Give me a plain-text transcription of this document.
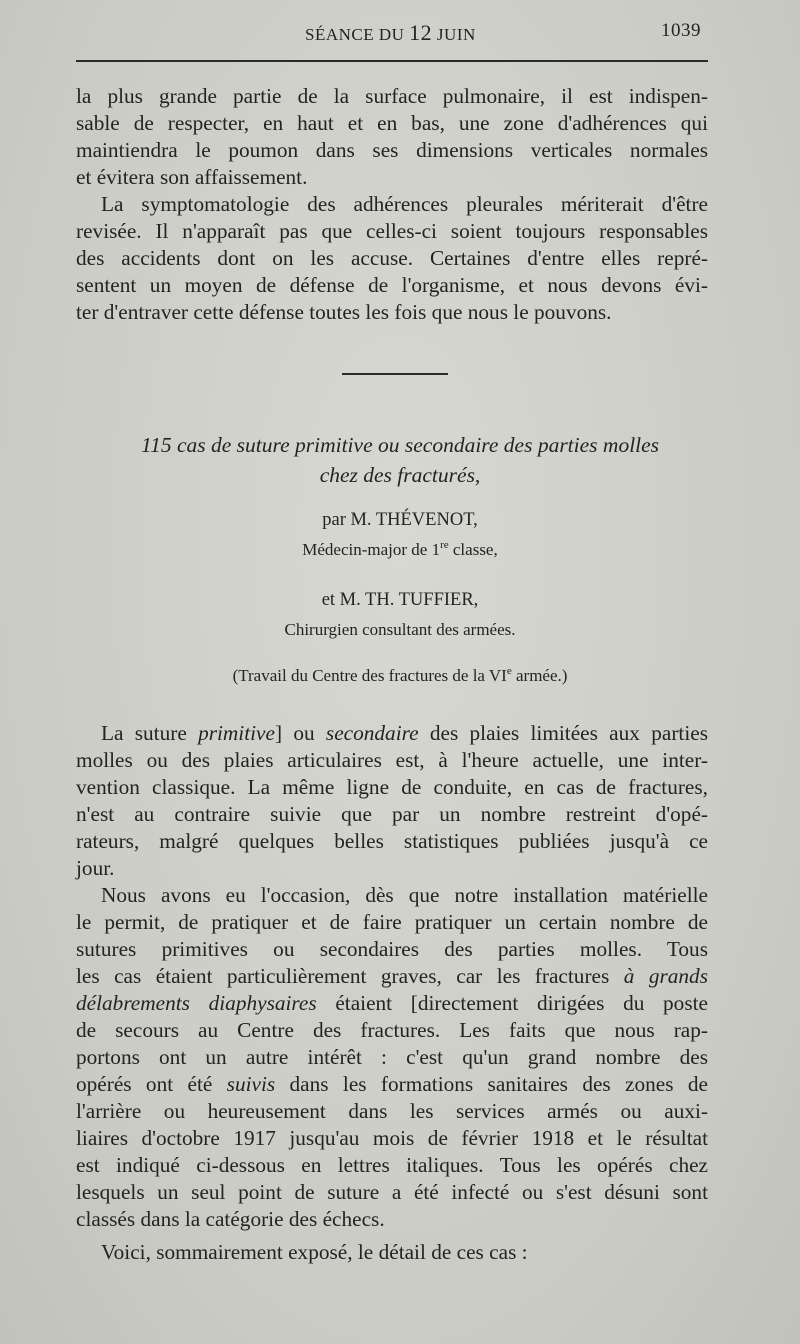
SÉANCE DU 12 JUIN	1039
la plus grande partie de la surface pulmonaire, il est indispen-
sable de respecter, en haut et en bas, une zone d'adhérences qui
maintiendra le poumon dans ses dimensions verticales normales
et évitera son affaissement.
La symptomatologie des adhérences pleurales mériterait d'être
revisée. Il n'apparaît pas que celles-ci soient toujours responsables
des accidents dont on les accuse. Certaines d'entre elles repré-
sentent un moyen de défense de l'organisme, et nous devons évi-
ter d'entraver cette défense toutes les fois que nous le pouvons.
115 cas de suture primitive ou secondaire des parties molles
chez des fracturés,
par M. THÉVENOT,
Médecin-major de 1re classe,
et M. TH. TUFFIER,
Chirurgien consultant des armées.
(Travail du Centre des fractures de la VIe armée.)
La suture primitive] ou secondaire des plaies limitées aux parties
molles ou des plaies articulaires est, à l'heure actuelle, une inter-
vention classique. La même ligne de conduite, en cas de fractures,
n'est au contraire suivie que par un nombre restreint d'opé-
rateurs, malgré quelques belles statistiques publiées jusqu'à ce
jour.
Nous avons eu l'occasion, dès que notre installation matérielle
le permit, de pratiquer et de faire pratiquer un certain nombre de
sutures primitives ou secondaires des parties molles. Tous
les cas étaient particulièrement graves, car les fractures à grands
délabrements diaphysaires étaient [directement dirigées du poste
de secours au Centre des fractures. Les faits que nous rap-
portons ont un autre intérêt : c'est qu'un grand nombre des
opérés ont été suivis dans les formations sanitaires des zones de
l'arrière ou heureusement dans les services armés ou auxi-
liaires d'octobre 1917 jusqu'au mois de février 1918 et le résultat
est indiqué ci-dessous en lettres italiques. Tous les opérés chez
lesquels un seul point de suture a été infecté ou s'est désuni sont
classés dans la catégorie des échecs.
Voici, sommairement exposé, le détail de ces cas :
